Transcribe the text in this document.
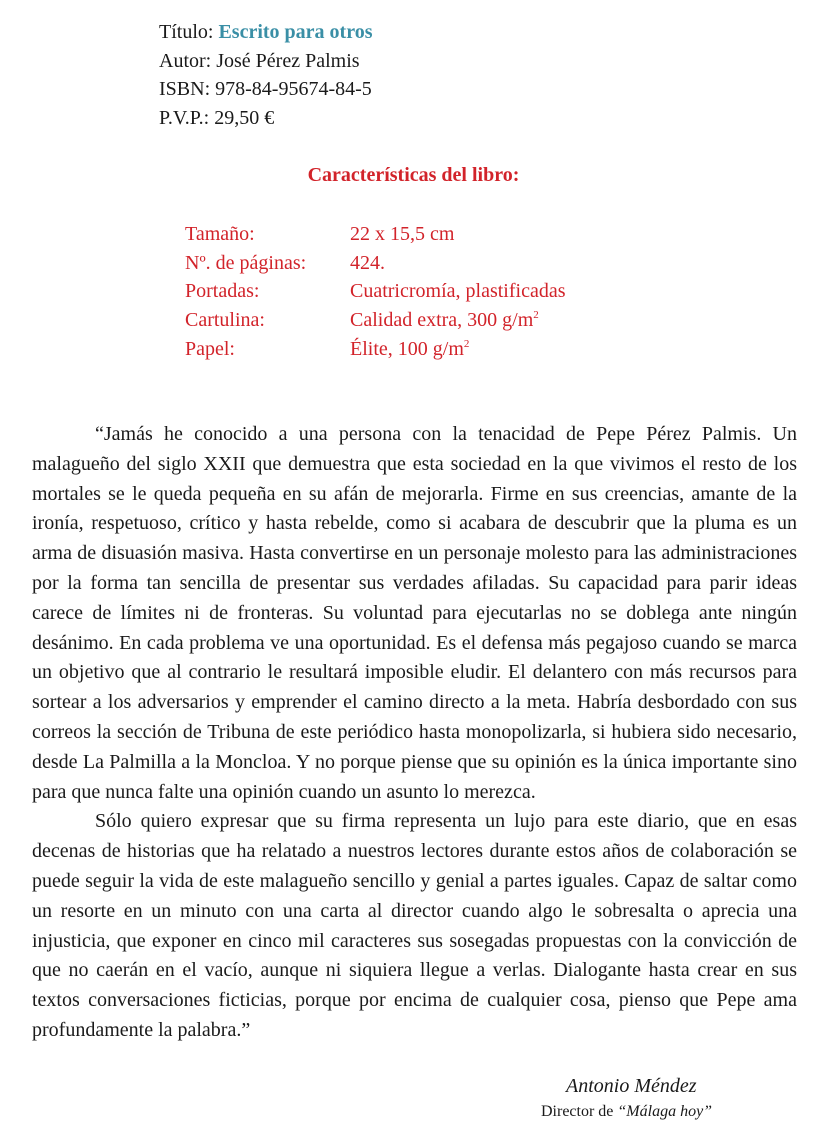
Título: Escrito para otros
Autor: José Pérez Palmis
ISBN: 978-84-95674-84-5
P.V.P.: 29,50 €
Características del libro:
Tamaño:	22 x 15,5 cm
Nº. de páginas:	424.
Portadas:	Cuatricromía, plastificadas
Cartulina:	Calidad extra, 300 $g/m^2$
Papel:	Élite, 100 $g/m^2$

“Jamás he conocido a una persona con la tenacidad de Pepe Pérez Palmis. Un malagueño del siglo XXII que demuestra que esta sociedad en la que vivimos el resto de los mortales se le queda pequeña en su afán de mejorarla. Firme en sus creencias, amante de la ironía, respetuoso, crítico y hasta rebelde, como si acabara de descubrir que la pluma es un arma de disuasión masiva. Hasta convertirse en un personaje molesto para las administraciones por la forma tan sencilla de presentar sus verdades afiladas. Su capacidad para parir ideas carece de límites ni de fronteras. Su voluntad para ejecutarlas no se doblega ante ningún desánimo. En cada problema ve una oportunidad. Es el defensa más pegajoso cuando se marca un objetivo que al contrario le resultará imposible eludir. El delantero con más recursos para sortear a los adversarios y emprender el camino directo a la meta. Habría desbordado con sus correos la sección de Tribuna de este periódico hasta monopolizarla, si hubiera sido necesario, desde La Palmilla a la Moncloa. Y no porque piense que su opinión es la única importante sino para que nunca falte una opinión cuando un asunto lo merezca.

Sólo quiero expresar que su firma representa un lujo para este diario, que en esas decenas de historias que ha relatado a nuestros lectores durante estos años de colaboración se puede seguir la vida de este malagueño sencillo y genial a partes iguales. Capaz de saltar como un resorte en un minuto con una carta al director cuando algo le sobresalta o aprecia una injusticia, que exponer en cinco mil caracteres sus sosegadas propuestas con la convicción de que no caerán en el vacío, aunque ni siquiera llegue a verlas. Dialogante hasta crear en sus textos conversaciones ficticias, porque por encima de cualquier cosa, pienso que Pepe ama profundamente la palabra.”

Antonio Méndez
Director de “Málaga hoy”
